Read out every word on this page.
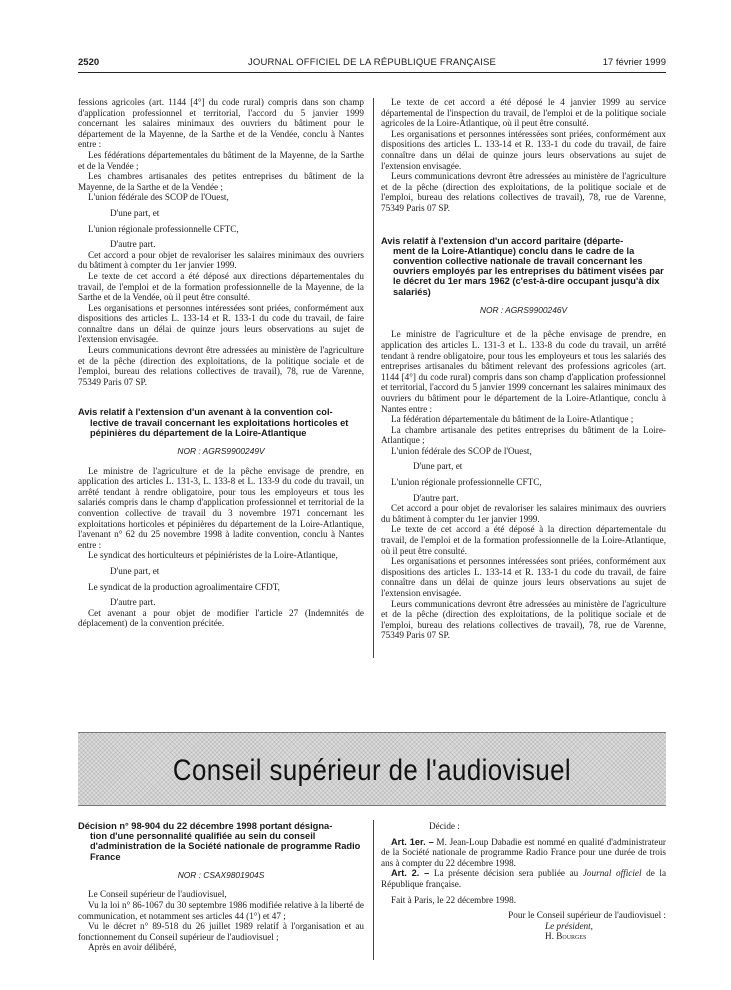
2520	JOURNAL OFFICIEL DE LA RÉPUBLIQUE FRANÇAISE	17 février 1999

fessions agricoles (art. 1144 [4°] du code rural) compris dans son champ d'application professionnel et territorial, l'accord du 5 janvier 1999 concernant les salaires minimaux des ouvriers du bâtiment pour le département de la Mayenne, de la Sarthe et de la Vendée, conclu à Nantes entre :

Les fédérations départementales du bâtiment de la Mayenne, de la Sarthe et de la Vendée ;

Les chambres artisanales des petites entreprises du bâtiment de la Mayenne, de la Sarthe et de la Vendée ;

L'union fédérale des SCOP de l'Ouest,

D'une part, et

L'union régionale professionnelle CFTC,

D'autre part.

Cet accord a pour objet de revaloriser les salaires minimaux des ouvriers du bâtiment à compter du 1er janvier 1999.

Le texte de cet accord a été déposé aux directions départementales du travail, de l'emploi et de la formation professionnelle de la Mayenne, de la Sarthe et de la Vendée, où il peut être consulté.

Les organisations et personnes intéressées sont priées, conformément aux dispositions des articles L. 133-14 et R. 133-1 du code du travail, de faire connaître dans un délai de quinze jours leurs observations au sujet de l'extension envisagée.

Leurs communications devront être adressées au ministère de l'agriculture et de la pêche (direction des exploitations, de la politique sociale et de l'emploi, bureau des relations collectives de travail), 78, rue de Varenne, 75349 Paris 07 SP.

Avis relatif à l'extension d'un avenant à la convention col-
lective de travail concernant les exploitations horticoles et pépinières du département de la Loire-Atlantique
NOR : AGRS9900249V

Le ministre de l'agriculture et de la pêche envisage de prendre, en application des articles L. 131-3, L. 133-8 et L. 133-9 du code du travail, un arrêté tendant à rendre obligatoire, pour tous les employeurs et tous les salariés compris dans le champ d'application professionnel et territorial de la convention collective de travail du 3 novembre 1971 concernant les exploitations horticoles et pépinières du département de la Loire-Atlantique, l'avenant n° 62 du 25 novembre 1998 à ladite convention, conclu à Nantes entre :

Le syndicat des horticulteurs et pépiniéristes de la Loire-Atlantique,

D'une part, et

Le syndicat de la production agroalimentaire CFDT,

D'autre part.

Cet avenant a pour objet de modifier l'article 27 (Indemnités de déplacement) de la convention précitée.

Le texte de cet accord a été déposé le 4 janvier 1999 au service départemental de l'inspection du travail, de l'emploi et de la politique sociale agricoles de la Loire-Atlantique, où il peut être consulté.

Les organisations et personnes intéressées sont priées, conformément aux dispositions des articles L. 133-14 et R. 133-1 du code du travail, de faire connaître dans un délai de quinze jours leurs observations au sujet de l'extension envisagée.

Leurs communications devront être adressées au ministère de l'agriculture et de la pêche (direction des exploitations, de la politique sociale et de l'emploi, bureau des relations collectives de travail), 78, rue de Varenne, 75349 Paris 07 SP.

Avis relatif à l'extension d'un accord paritaire (départe-
ment de la Loire-Atlantique) conclu dans le cadre de la convention collective nationale de travail concernant les ouvriers employés par les entreprises du bâtiment visées par le décret du 1er mars 1962 (c'est-à-dire occupant jusqu'à dix salariés)
NOR : AGRS9900246V

Le ministre de l'agriculture et de la pêche envisage de prendre, en application des articles L. 131-3 et L. 133-8 du code du travail, un arrêté tendant à rendre obligatoire, pour tous les employeurs et tous les salariés des entreprises artisanales du bâtiment relevant des professions agricoles (art. 1144 [4°] du code rural) compris dans son champ d'application professionnel et territorial, l'accord du 5 janvier 1999 concernant les salaires minimaux des ouvriers du bâtiment pour le département de la Loire-Atlantique, conclu à Nantes entre :

La fédération départementale du bâtiment de la Loire-Atlantique ;

La chambre artisanale des petites entreprises du bâtiment de la Loire-Atlantique ;

L'union fédérale des SCOP de l'Ouest,

D'une part, et

L'union régionale professionnelle CFTC,

D'autre part.

Cet accord a pour objet de revaloriser les salaires minimaux des ouvriers du bâtiment à compter du 1er janvier 1999.

Le texte de cet accord a été déposé à la direction départementale du travail, de l'emploi et de la formation professionnelle de la Loire-Atlantique, où il peut être consulté.

Les organisations et personnes intéressées sont priées, conformément aux dispositions des articles L. 133-14 et R. 133-1 du code du travail, de faire connaître dans un délai de quinze jours leurs observations au sujet de l'extension envisagée.

Leurs communications devront être adressées au ministère de l'agriculture et de la pêche (direction des exploitations, de la politique sociale et de l'emploi, bureau des relations collectives de travail), 78, rue de Varenne, 75349 Paris 07 SP.

Conseil supérieur de l'audiovisuel
Décision n° 98-904 du 22 décembre 1998 portant désigna-
tion d'une personnalité qualifiée au sein du conseil d'administration de la Société nationale de programme Radio France
NOR : CSAX9801904S

Le Conseil supérieur de l'audiovisuel,

Vu la loi n° 86-1067 du 30 septembre 1986 modifiée relative à la liberté de communication, et notamment ses articles 44 (1°) et 47 ;

Vu le décret n° 89-518 du 26 juillet 1989 relatif à l'organisation et au fonctionnement du Conseil supérieur de l'audiovisuel ;

Après en avoir délibéré,

Décide :

Art. 1er. – M. Jean-Loup Dabadie est nommé en qualité d'administrateur de la Société nationale de programme Radio France pour une durée de trois ans à compter du 22 décembre 1998.

Art. 2. – La présente décision sera publiée au Journal officiel de la République française.

Fait à Paris, le 22 décembre 1998.

Pour le Conseil supérieur de l'audiovisuel :

Le président,

H. Bourges
